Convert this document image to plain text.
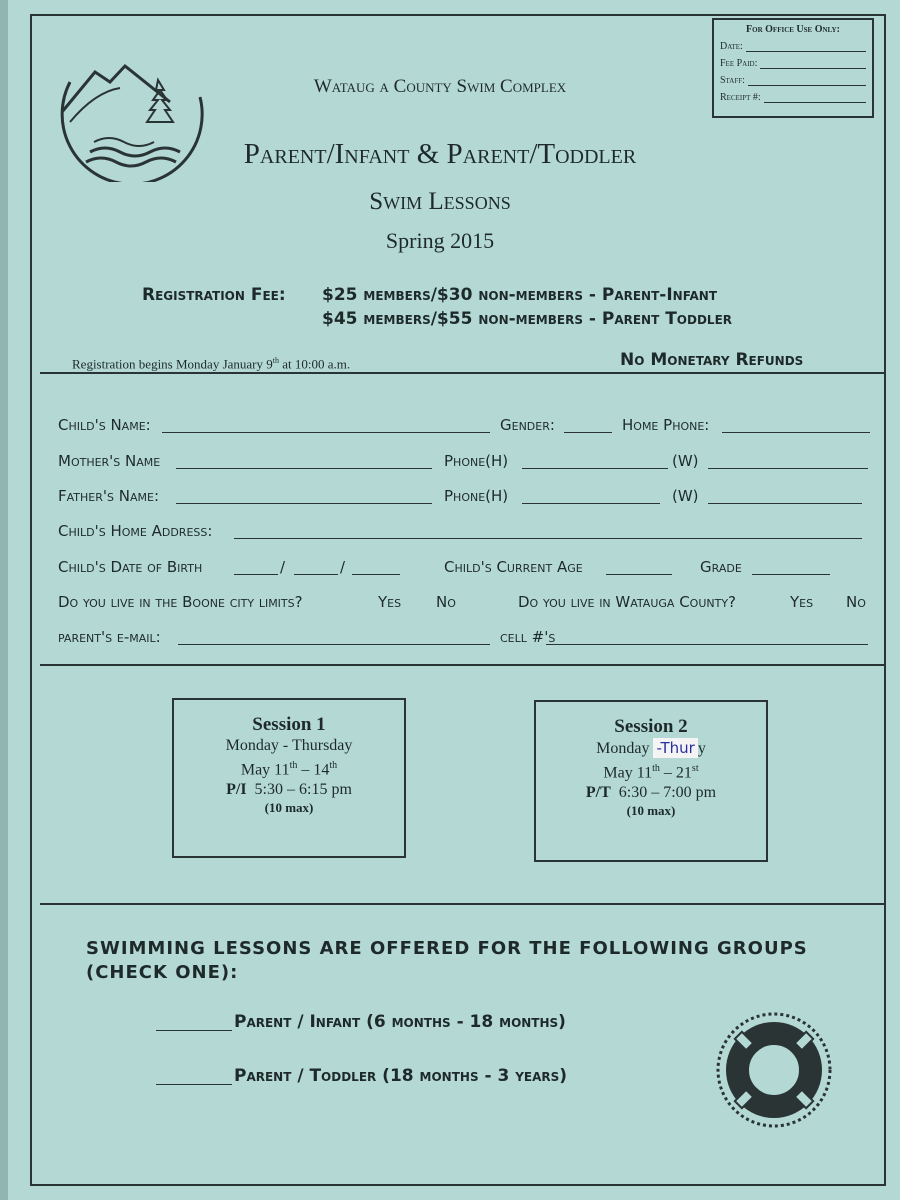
For Office Use Only:
Date:
Fee Paid:
Staff:
Receipt #:
Wataug a County Swim Complex
Parent/Infant & Parent/Toddler
Swim Lessons
Spring 2015
Registration Fee: $25 members/$30 non-members - Parent-Infant
$45 members/$55 non-members - Parent Toddler
Registration begins Monday January 9th at 10:00 a.m.	No Monetary Refunds
Child's Name:	Gender:	Home Phone:
Mother's Name	Phone(H)	(W)
Father's Name:	Phone(H)	(W)
Child's Home Address:
Child's Date of Birth	/	/	Child's Current Age	Grade
Do you live in the Boone city limits?	Yes No	Do you live in Watauga County?	Yes No
parent's e-mail:	cell #'s
Session 1
Monday - Thursday
May 11th – 14th
P/I  5:30 – 6:15 pm
(10 max)
Session 2
Monday -Thur y
May 11th – 21st
P/T  6:30 – 7:00 pm
(10 max)
SWIMMING LESSONS ARE OFFERED FOR THE FOLLOWING GROUPS
(CHECK ONE):
Parent / Infant (6 months - 18 months)
Parent / Toddler (18 months - 3 years)
